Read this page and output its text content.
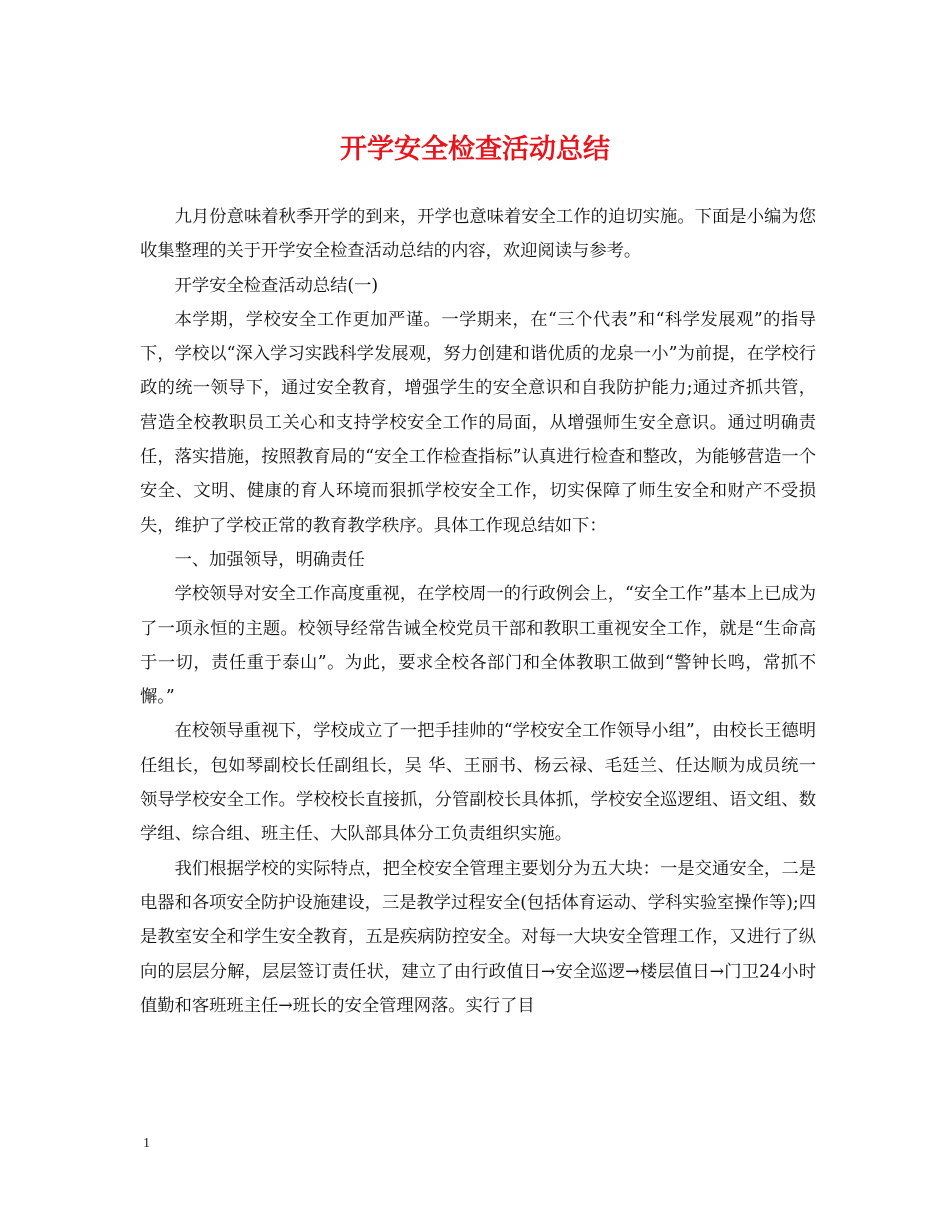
开学安全检查活动总结

九月份意味着秋季开学的到来，开学也意味着安全工作的迫切实施。下面是小编为您收集整理的关于开学安全检查活动总结的内容，欢迎阅读与参考。

开学安全检查活动总结(一)

本学期，学校安全工作更加严谨。一学期来，在“三个代表”和“科学发展观”的指导下，学校以“深入学习实践科学发展观，努力创建和谐优质的龙泉一小”为前提，在学校行政的统一领导下，通过安全教育，增强学生的安全意识和自我防护能力;通过齐抓共管，营造全校教职员工关心和支持学校安全工作的局面，从增强师生安全意识。通过明确责任，落实措施，按照教育局的“安全工作检查指标”认真进行检查和整改，为能够营造一个安全、文明、健康的育人环境而狠抓学校安全工作，切实保障了师生安全和财产不受损失，维护了学校正常的教育教学秩序。具体工作现总结如下：

一、加强领导，明确责任

学校领导对安全工作高度重视，在学校周一的行政例会上，“安全工作”基本上已成为了一项永恒的主题。校领导经常告诫全校党员干部和教职工重视安全工作，就是“生命高于一切，责任重于泰山”。为此，要求全校各部门和全体教职工做到“警钟长鸣，常抓不懈。”

在校领导重视下，学校成立了一把手挂帅的“学校安全工作领导小组”，由校长王德明任组长，包如琴副校长任副组长，吴 华、王丽书、杨云禄、毛廷兰、任达顺为成员统一领导学校安全工作。学校校长直接抓，分管副校长具体抓，学校安全巡逻组、语文组、数学组、综合组、班主任、大队部具体分工负责组织实施。

我们根据学校的实际特点，把全校安全管理主要划分为五大块：一是交通安全，二是电器和各项安全防护设施建设，三是教学过程安全(包括体育运动、学科实验室操作等);四是教室安全和学生安全教育，五是疾病防控安全。对每一大块安全管理工作，又进行了纵向的层层分解，层层签订责任状，建立了由行政值日→安全巡逻→楼层值日→门卫24小时值勤和客班班主任→班长的安全管理网落。实行了目

1
